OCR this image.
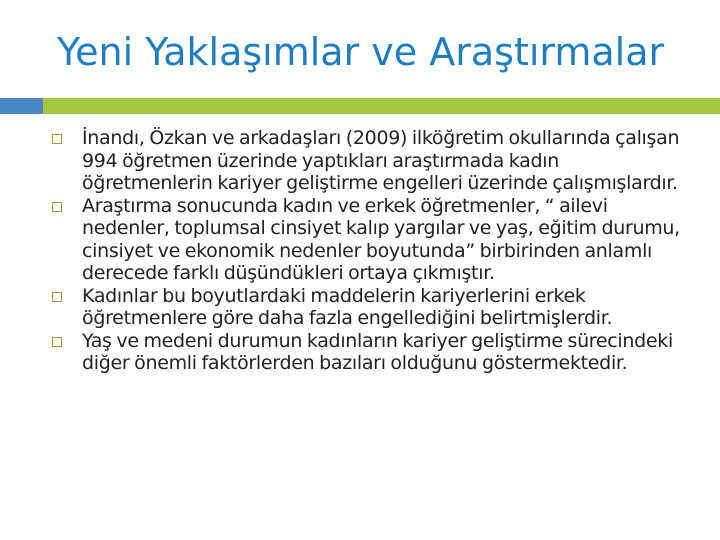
Yeni Yaklaşımlar ve Araştırmalar
İnandı, Özkan ve arkadaşları (2009) ilköğretim okullarında çalışan 994 öğretmen üzerinde yaptıkları araştırmada kadın öğretmenlerin kariyer geliştirme engelleri üzerinde çalışmışlardır.
Araştırma sonucunda kadın ve erkek öğretmenler, “ ailevi nedenler, toplumsal cinsiyet kalıp yargılar ve yaş, eğitim durumu, cinsiyet ve ekonomik nedenler boyutunda” birbirinden anlamlı derecede farklı düşündükleri ortaya çıkmıştır.
Kadınlar bu boyutlardaki maddelerin kariyerlerini erkek öğretmenlere göre daha fazla engellediğini belirtmişlerdir.
Yaş ve medeni durumun kadınların kariyer geliştirme sürecindeki diğer önemli faktörlerden bazıları olduğunu göstermektedir.
